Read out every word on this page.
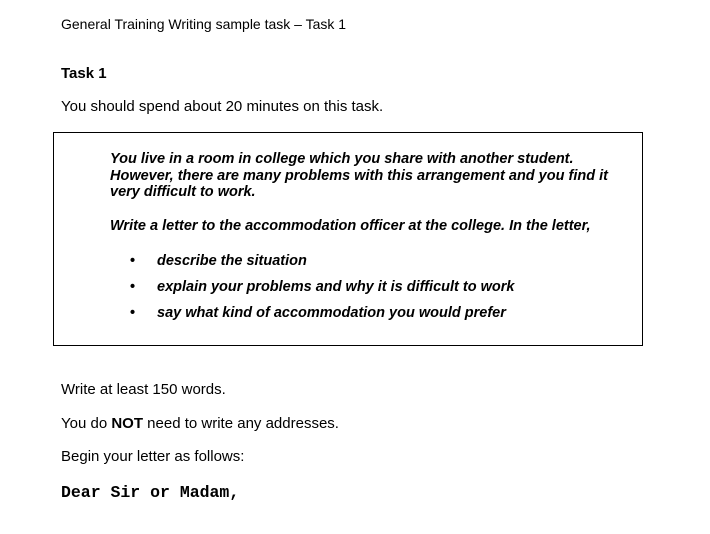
General Training Writing sample task – Task 1
Task 1
You should spend about 20 minutes on this task.

You live in a room in college which you share with another student. However, there are many problems with this arrangement and you find it very difficult to work.

Write a letter to the accommodation officer at the college. In the letter,

• describe the situation
• explain your problems and why it is difficult to work
• say what kind of accommodation you would prefer
Write at least 150 words.
You do NOT need to write any addresses.
Begin your letter as follows:
Dear Sir or Madam,
